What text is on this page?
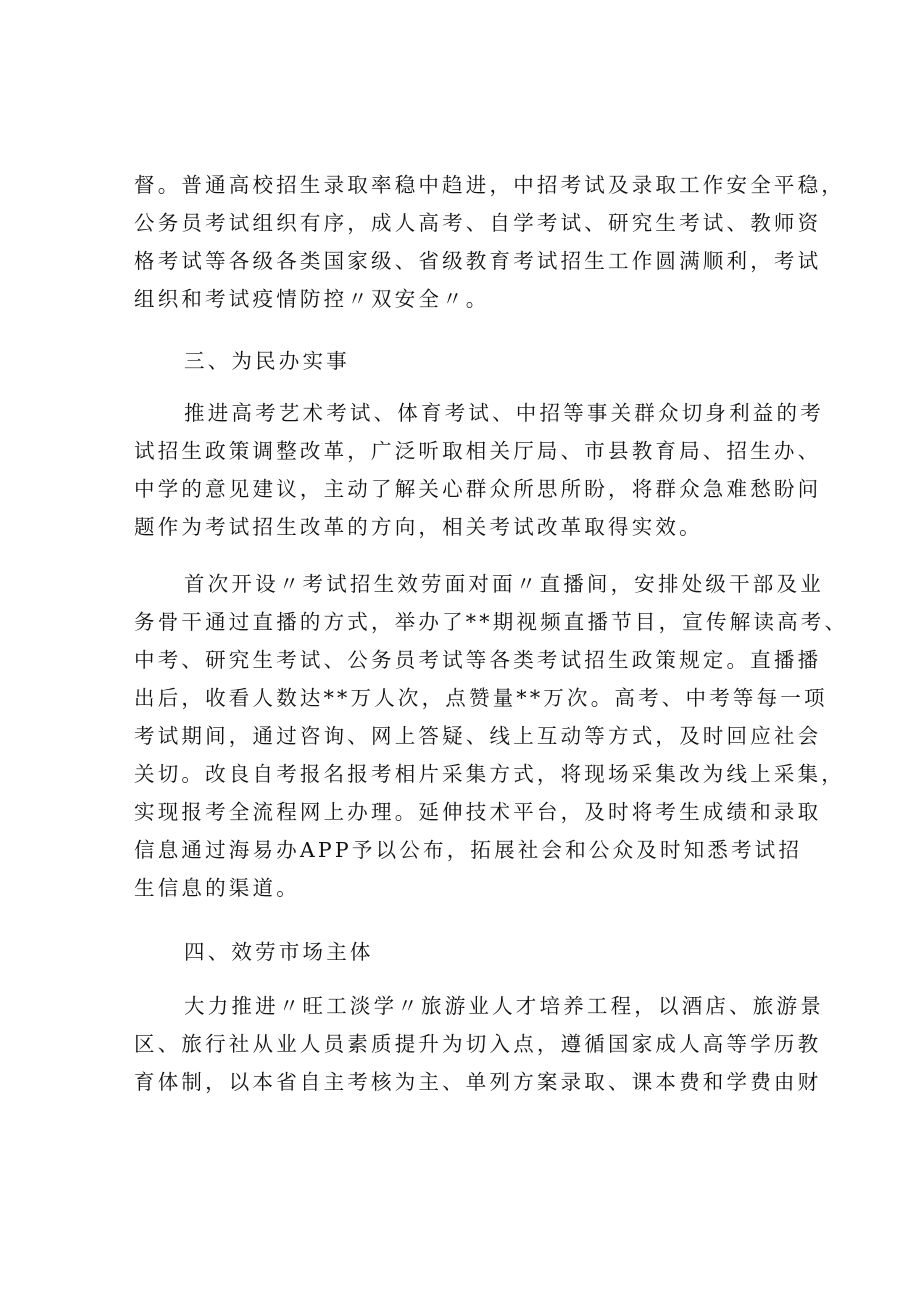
督。普通高校招生录取率稳中趋进，中招考试及录取工作安全平稳，
公务员考试组织有序，成人高考、自学考试、研究生考试、教师资
格考试等各级各类国家级、省级教育考试招生工作圆满顺利，考试
组织和考试疫情防控〃双安全〃。
三、为民办实事
推进高考艺术考试、体育考试、中招等事关群众切身利益的考
试招生政策调整改革，广泛听取相关厅局、市县教育局、招生办、
中学的意见建议，主动了解关心群众所思所盼，将群众急难愁盼问
题作为考试招生改革的方向，相关考试改革取得实效。
首次开设〃考试招生效劳面对面〃直播间，安排处级干部及业
务骨干通过直播的方式，举办了**期视频直播节目，宣传解读高考、
中考、研究生考试、公务员考试等各类考试招生政策规定。直播播
出后，收看人数达**万人次，点赞量**万次。高考、中考等每一项
考试期间，通过咨询、网上答疑、线上互动等方式，及时回应社会
关切。改良自考报名报考相片采集方式，将现场采集改为线上采集，
实现报考全流程网上办理。延伸技术平台，及时将考生成绩和录取
信息通过海易办APP予以公布，拓展社会和公众及时知悉考试招
生信息的渠道。
四、效劳市场主体
大力推进〃旺工淡学〃旅游业人才培养工程，以酒店、旅游景
区、旅行社从业人员素质提升为切入点，遵循国家成人高等学历教
育体制，以本省自主考核为主、单列方案录取、课本费和学费由财
